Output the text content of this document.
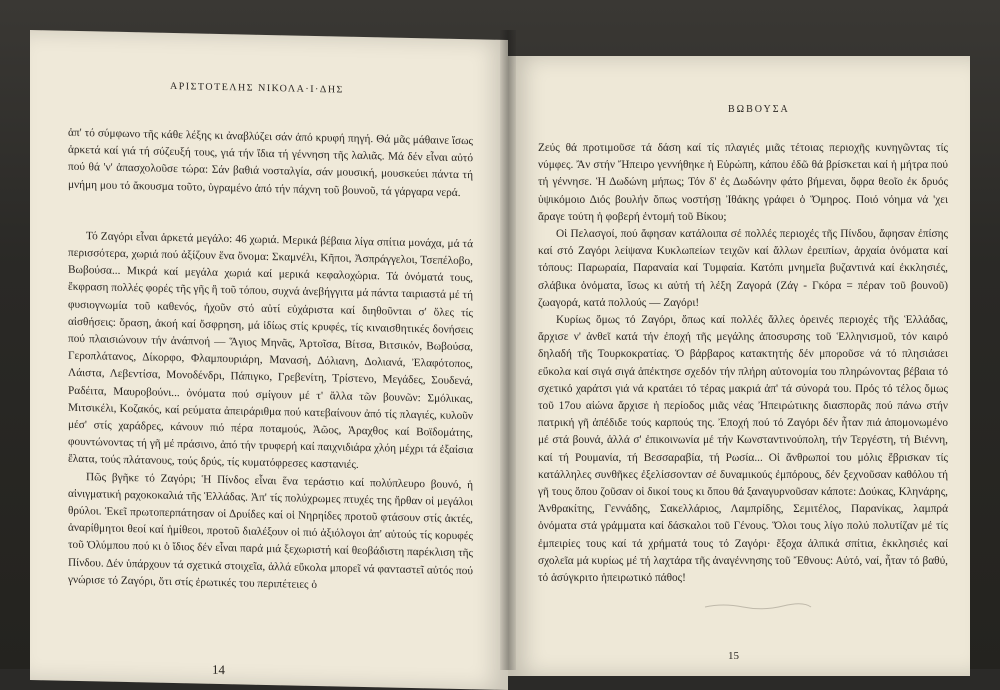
ΑΡΙΣΤΟΤΕΛΗΣ ΝΙΚΟΛΑ·Ι·ΔΗΣ

ἀπ' τό σύμφωνο τῆς κάθε λέξης κι ἀναβλύζει σάν ἀπό κρυφή πηγή. Θά μᾶς μάθαινε ἴσως ἀρκετά καί γιά τή σύζευξή τους, γιά τήν ἴδια τή γέννηση τῆς λαλιᾶς. Μά δέν εἶναι αὐτό πού θά 'ν' ἀπασχολοῦσε τώρα: Σάν βαθιά νοσταλγία, σάν μουσική, μουσκεύει πάντα τή μνήμη μου τό ἄκουσμα τοῦτο, ὑγραμένο ἀπό τήν πάχνη τοῦ βουνοῦ, τά γάργαρα νερά.

Τό Ζαγόρι εἶναι ἀρκετά μεγάλο: 46 χωριά. Μερικά βέβαια λίγα σπίτια μονάχα, μά τά περισσότερα, χωριά πού ἀξίζουν ἕνα ὄνομα: Σκαμνέλι, Κῆποι, Ἀσπράγγελοι, Τσεπέλοβο, Βωβούσα... Μικρά καί μεγάλα χωριά καί μερικά κεφαλοχώρια. Τά ὀνόματά τους, ἔκφραση πολλές φορές τῆς γῆς ἢ τοῦ τόπου, συχνά ἀνεβήγγιτα μά πάντα ταιριαστά μέ τή φυσιογνωμία τοῦ καθενός, ἠχοῦν στό αὐτί εὐχάριστα καί διηθοῦνται σ' ὅλες τίς αἰσθήσεις: ὅραση, ἀκοή καί ὄσφρηση, μά ἰδίως στίς κρυφές, τίς κιναισθητικές δονήσεις πού πλαισιώνουν τήν ἀνάπνοή — Ἅγιος Μηνᾶς, Ἀρτοῖσα, Βίτσα, Βιτσικόν, Βωβούσα, Γεροπλάτανος, Δίκορφο, Φλαμπουριάρη, Μανασή, Δόλιανη, Δολιανά, Ἐλαφότοπος, Λάιστα, Λεβεντίσα, Μονοδένδρι, Πάπιγκο, Γρεβενίτη, Τρίστενο, Μεγάδες, Σουδενά, Ραδέιτα, Μαυροβούνι... ὀνόματα πού σμίγουν μέ τ' ἄλλα τῶν βουνῶν: Σμόλικας, Μιτσικέλι, Κοζακός, καί ρεύματα ἀπειράριθμα πού κατεβαίνουν ἀπό τίς πλαγιές, κυλοῦν μέσ' στίς χαράδρες, κάνουν πιό πέρα ποταμούς, Ἀῶος, Ἀραχθος καί Βοϊδομάτης, φουντώνοντας τή γῆ μέ πράσινο, ἀπό τήν τρυφερή καί παιχνιδιάρα χλόη μέχρι τά ἐξαίσια ἔλατα, τούς πλάτανους, τούς δρύς, τίς κυματόφρεσες καστανιές.

Πῶς βγῆκε τό Ζαγόρι; Ἡ Πίνδος εἶναι ἕνα τεράστιο καί πολύπλευρο βουνό, ἡ αἰνιγματική ραχοκοκαλιά τῆς Ἑλλάδας. Ἀπ' τίς πολύχρωμες πτυχές της ἤρθαν οἱ μεγάλοι θρύλοι. Ἐκεῖ πρωτοπερπάτησαν οἱ Δρυίδες καί οἱ Νηρηίδες προτοῦ φτάσουν στίς ἀκτές, ἀναρίθμητοι θεοί καί ἡμίθεοι, προτοῦ διαλέξουν οἱ πιό ἀξιόλογοι ἀπ' αὐτούς τίς κορυφές τοῦ Ὀλύμπου πού κι ὁ ἴδιος δέν εἶναι παρά μιά ξεχωριστή καί θεοβάδιστη παρέκλιση τῆς Πίνδου. Δέν ὑπάρχουν τά σχετικά στοιχεῖα, ἀλλά εὔκολα μπορεῖ νά φανταστεῖ αὐτός πού γνώρισε τό Ζαγόρι, ὅτι στίς ἐρωτικές του περιπέτειες ὁ

14
ΒΩΒΟΥΣΑ

Ζεύς θά προτιμοῦσε τά δάση καί τίς πλαγιές μιᾶς τέτοιας περιοχῆς κυνηγῶντας τίς νύμφες. Ἂν στήν Ἤπειρο γεννήθηκε ἡ Εὐρώπη, κάπου ἐδῶ θά βρίσκεται καί ἡ μήτρα πού τή γέννησε. Ἡ Δωδώνη μήπως; Τόν δ' ἐς Δωδώνην φάτο βήμεναι, ὄφρα θεοῖο ἐκ δρυός ὑψικόμοιο Διός βουλήν ὅπως νοστήσῃ Ἰθάκης γράφει ὁ Ὅμηρος. Ποιό νόημα νά 'χει ἄραγε τούτη ἡ φοβερή ἐντομή τοῦ Βίκου;

Οἱ Πελασγοί, πού ἄφησαν κατάλοιπα σέ πολλές περιοχές τῆς Πίνδου, ἄφησαν ἐπίσης καί στό Ζαγόρι λείψανα Κυκλωπείων τειχῶν καί ἄλλων ἐρειπίων, ἀρχαία ὀνόματα καί τόπους: Παρωραία, Παραναία καί Τυμφαία. Κατόπι μνημεῖα βυζαντινά καί ἐκκλησιές, σλάβικα ὀνόματα, ἴσως κι αὐτή τή λέξη Ζαγορά (Ζάγ - Γκόρα = πέραν τοῦ βουνοῦ) ζωαγορά, κατά πολλούς — Ζαγόρι!

Κυρίως ὅμως τό Ζαγόρι, ὅπως καί πολλές ἄλλες ὀρεινές περιοχές τῆς Ἑλλάδας, ἄρχισε ν' ἀνθεῖ κατά τήν ἐποχή τῆς μεγάλης ἀποσυρσης τοῦ Ἑλληνισμοῦ, τόν καιρό δηλαδή τῆς Τουρκοκρατίας. Ὁ βάρβαρος κατακτητής δέν μποροῦσε νά τό πλησιάσει εὔκολα καί σιγά σιγά ἀπέκτησε σχεδόν τήν πλήρη αὐτονομία του πληρώνοντας βέβαια τό σχετικό χαράτσι γιά νά κρατάει τό τέρας μακριά ἀπ' τά σύνορά του. Πρός τό τέλος ὅμως τοῦ 17ου αἰώνα ἄρχισε ἡ περίοδος μιᾶς νέας Ἠπειρώτικης διασπορᾶς πού πάνω στήν πατρική γῆ ἀπέδιδε τούς καρπούς της. Ἐποχή πού τό Ζαγόρι δέν ἦταν πιά ἀπομονωμένο μέ στά βουνά, ἀλλά σ' ἐπικοινωνία μέ τήν Κωνσταντινούπολη, τήν Τεργέστη, τή Βιέννη, καί τή Ρουμανία, τή Βεσσαραβία, τή Ρωσία... Οἱ ἄνθρωποί του μόλις ἔβρισκαν τίς κατάλληλες συνθῆκες ἐξελίσσονταν σέ δυναμικούς ἐμπόρους, δέν ξεχνοῦσαν καθόλου τή γῆ τους ὅπου ζοῦσαν οἱ δικοί τους κι ὅπου θά ξαναγυρνοῦσαν κάποτε: Δούκας, Κληνάρης, Ἀνθρακίτης, Γεννάδης, Σακελλάριος, Λαμπρίδης, Σεμιτέλος, Παρανίκας, λαμπρά ὀνόματα στά γράμματα καί δάσκαλοι τοῦ Γένους. Ὅλοι τους λίγο πολύ πολυτίζαν μέ τίς ἐμπειρίες τους καί τά χρήματά τους τό Ζαγόρι· ἔξοχα ἀλπικά σπίτια, ἐκκλησιές καί σχολεῖα μά κυρίως μέ τή λαχτάρα τῆς ἀναγέννησης τοῦ Ἔθνους: Αὐτό, ναί, ἦταν τό βαθύ, τό ἀσύγκριτο ἠπειρωτικό πάθος!

15
